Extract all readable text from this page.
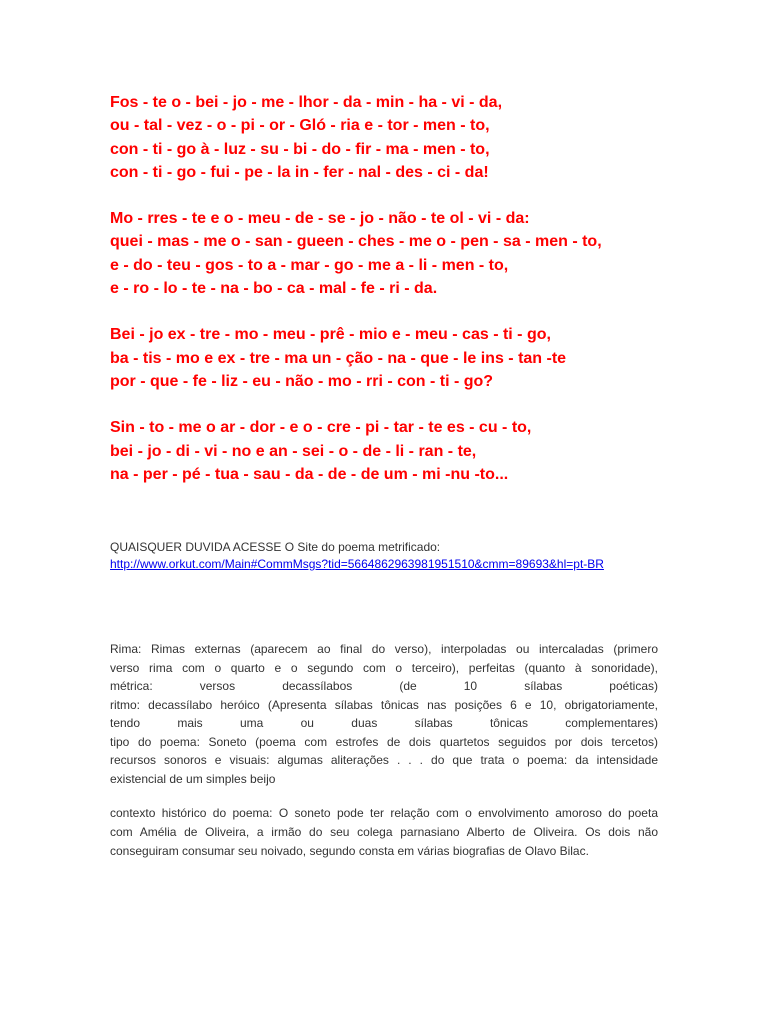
Fos - te o - bei - jo - me - lhor - da - min - ha - vi - da,
ou - tal - vez - o - pi - or - Gló - ria e - tor - men - to,
con - ti - go à - luz - su - bi - do - fir - ma - men - to,
con - ti - go - fui - pe - la in - fer - nal - des - ci - da!
Mo - rres - te e o - meu - de - se - jo - não - te ol - vi - da:
quei - mas - me o - san - gueen - ches - me o - pen - sa - men - to,
e - do - teu - gos - to a - mar - go - me a - li - men - to,
e - ro - lo - te - na - bo - ca - mal - fe - ri - da.
Bei - jo ex - tre - mo - meu - prê - mio e - meu - cas - ti - go,
ba - tis - mo e ex - tre - ma un - ção - na - que - le ins - tan -te
por - que - fe - liz - eu - não - mo - rri - con - ti - go?
Sin - to - me o ar - dor - e o - cre - pi - tar - te es - cu - to,
bei - jo - di - vi - no e an - sei - o - de - li - ran - te,
na - per - pé - tua - sau - da - de - de um - mi -nu -to...
QUAISQUER DUVIDA ACESSE O Site do poema metrificado:
http://www.orkut.com/Main#CommMsgs?tid=5664862963981951510&cmm=89693&hl=pt-BR
Rima: Rimas externas (aparecem ao final do verso), interpoladas ou intercaladas (primero
verso rima com o quarto e o segundo com o terceiro), perfeitas (quanto à sonoridade),
métrica: versos decassílabos (de 10 sílabas poéticas)
ritmo: decassílabo heróico (Apresenta sílabas tônicas nas posições 6 e 10, obrigatoriamente,
tendo mais uma ou duas sílabas tônicas complementares)
tipo do poema: Soneto (poema com estrofes de dois quartetos seguidos por dois tercetos)
recursos sonoros e visuais: algumas aliterações . . . do que trata o poema: da intensidade
existencial de um simples beijo
contexto histórico do poema: O soneto pode ter relação com o envolvimento amoroso do poeta
com Amélia de Oliveira, a irmão do seu colega parnasiano Alberto de Oliveira. Os dois não
conseguiram consumar seu noivado, segundo consta em várias biografias de Olavo Bilac.
